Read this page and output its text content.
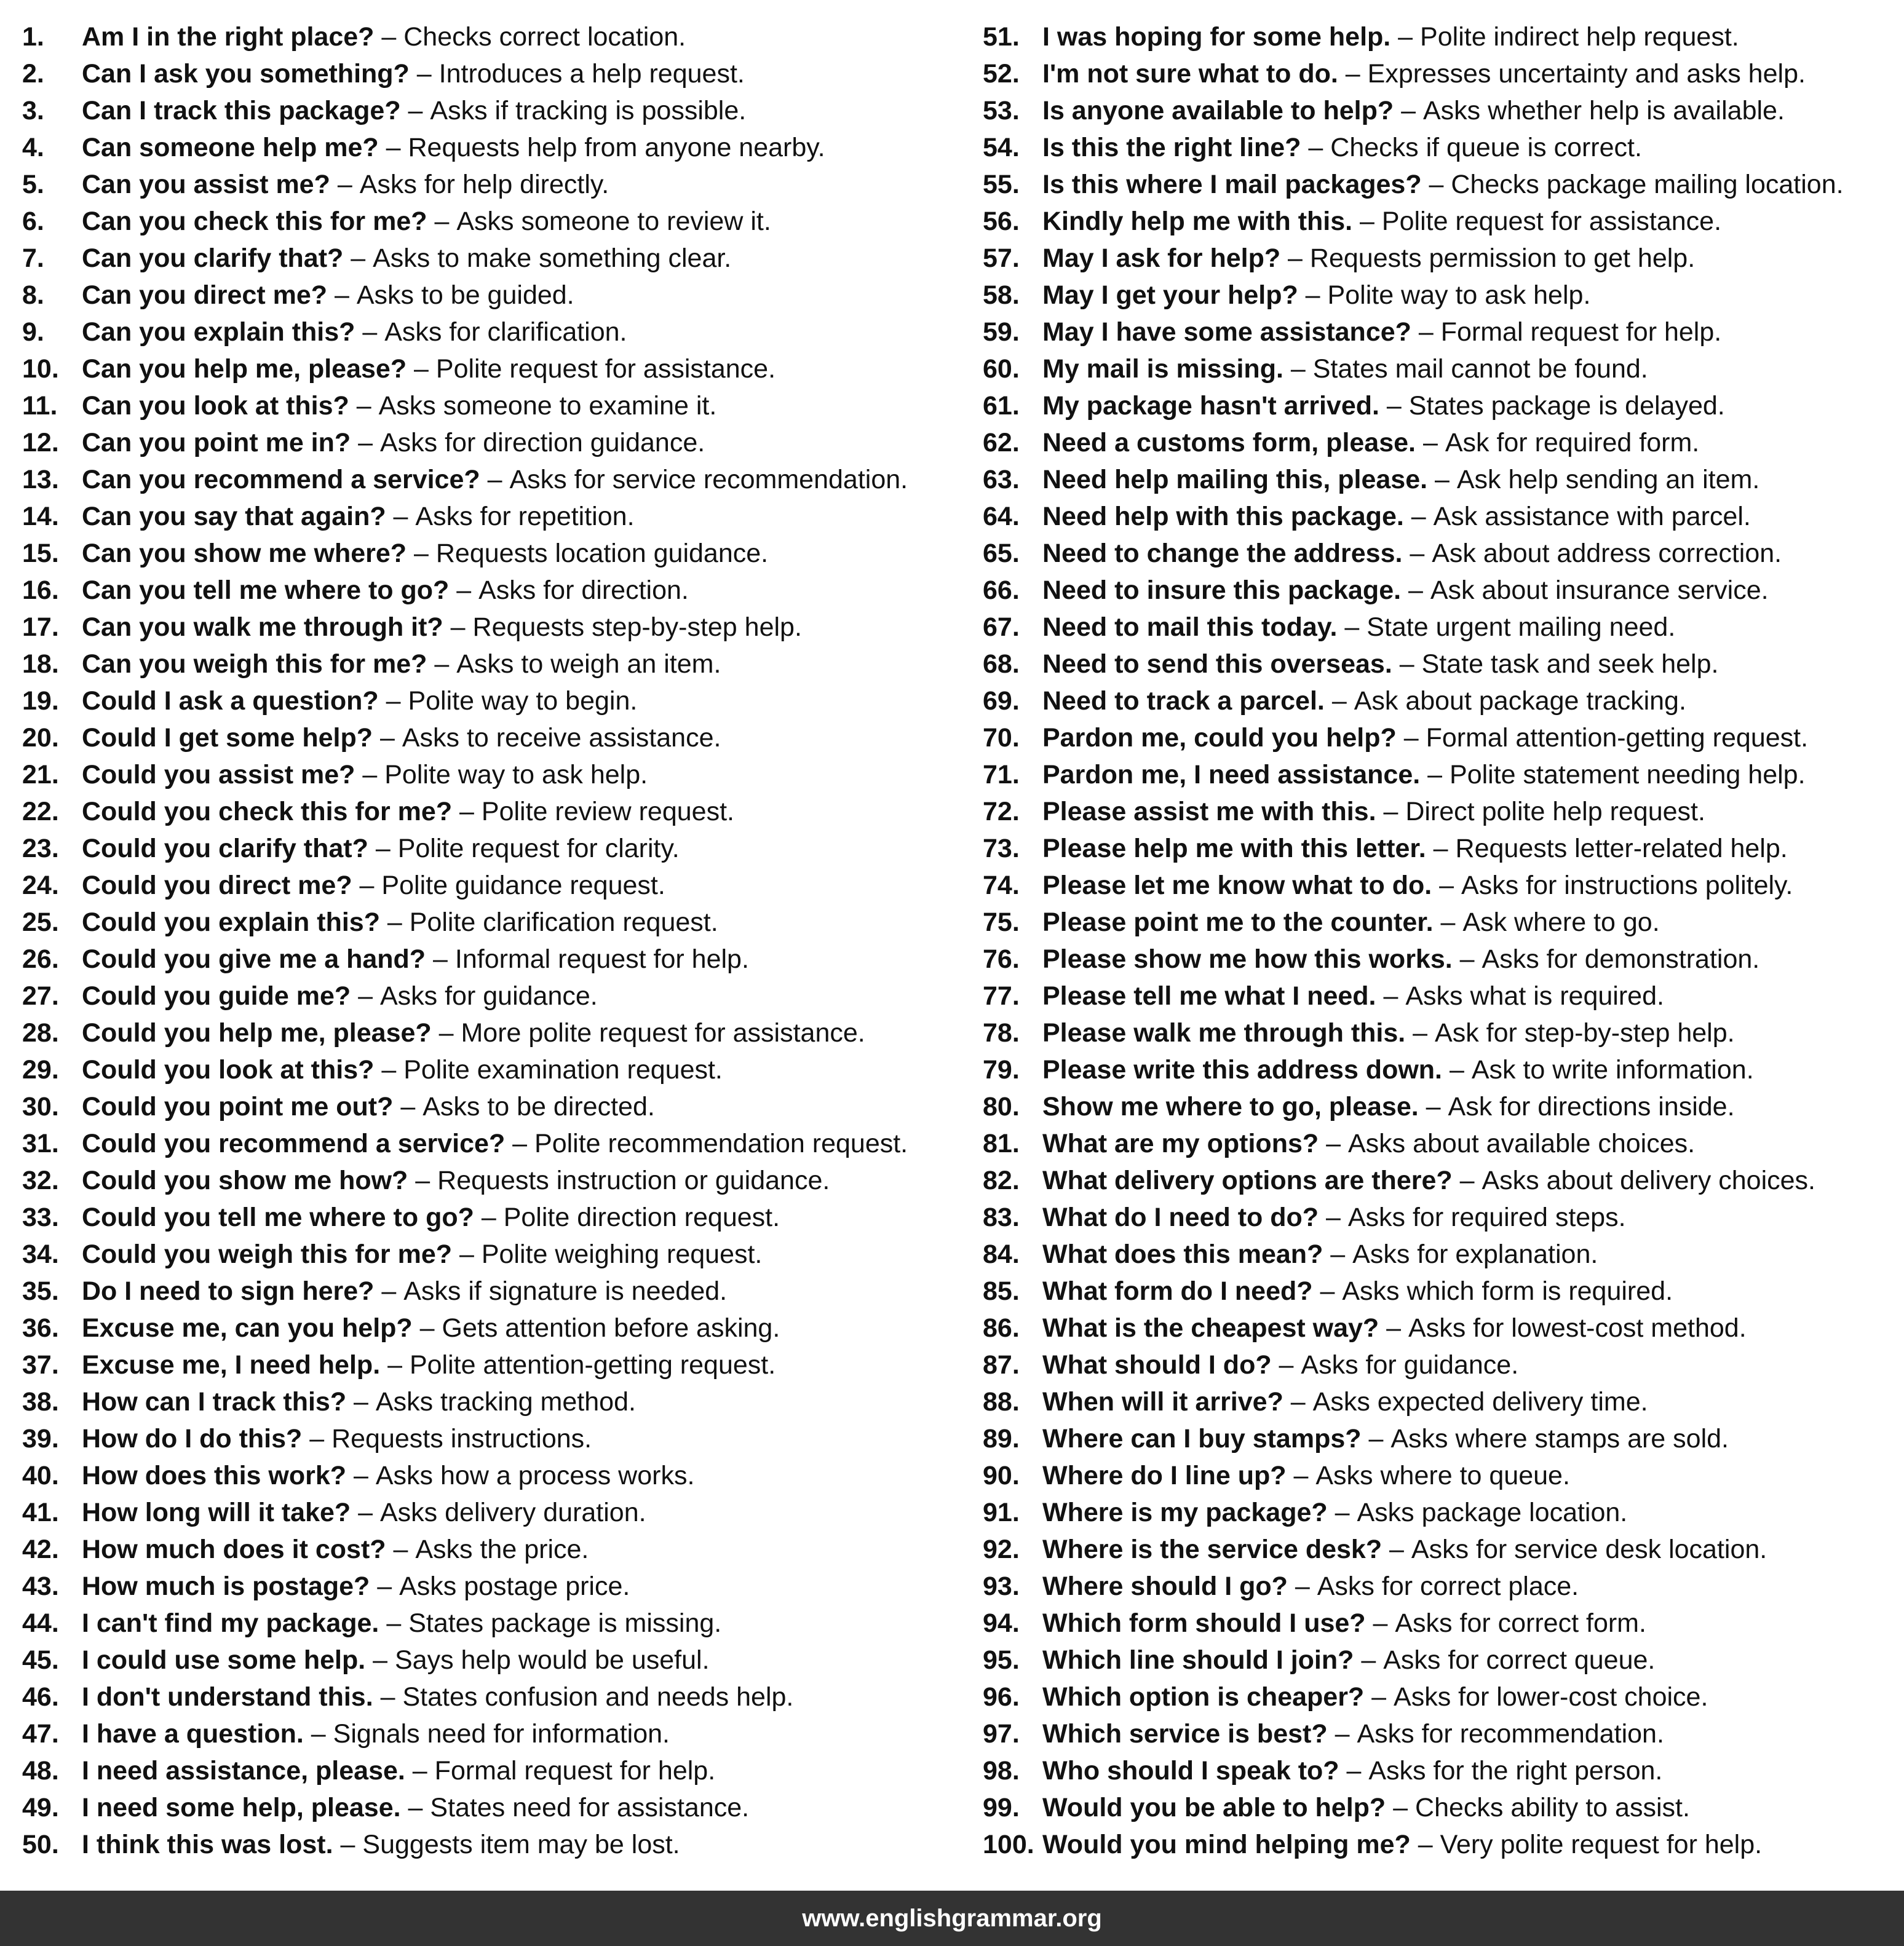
1.	Am I in the right place? – Checks correct location.
2.	Can I ask you something? – Introduces a help request.
3.	Can I track this package? – Asks if tracking is possible.
4.	Can someone help me? – Requests help from anyone nearby.
5.	Can you assist me? – Asks for help directly.
6.	Can you check this for me? – Asks someone to review it.
7.	Can you clarify that? – Asks to make something clear.
8.	Can you direct me? – Asks to be guided.
9.	Can you explain this? – Asks for clarification.
10. Can you help me, please? – Polite request for assistance.
11. Can you look at this? – Asks someone to examine it.
12. Can you point me in? – Asks for direction guidance.
13. Can you recommend a service? – Asks for service recommendation.
14. Can you say that again? – Asks for repetition.
15. Can you show me where? – Requests location guidance.
16. Can you tell me where to go? – Asks for direction.
17. Can you walk me through it? – Requests step-by-step help.
18. Can you weigh this for me? – Asks to weigh an item.
19. Could I ask a question? – Polite way to begin.
20. Could I get some help? – Asks to receive assistance.
21. Could you assist me? – Polite way to ask help.
22. Could you check this for me? – Polite review request.
23. Could you clarify that? – Polite request for clarity.
24. Could you direct me? – Polite guidance request.
25. Could you explain this? – Polite clarification request.
26. Could you give me a hand? – Informal request for help.
27. Could you guide me? – Asks for guidance.
28. Could you help me, please? – More polite request for assistance.
29. Could you look at this? – Polite examination request.
30. Could you point me out? – Asks to be directed.
31. Could you recommend a service? – Polite recommendation request.
32. Could you show me how? – Requests instruction or guidance.
33. Could you tell me where to go? – Polite direction request.
34. Could you weigh this for me? – Polite weighing request.
35. Do I need to sign here? – Asks if signature is needed.
36. Excuse me, can you help? – Gets attention before asking.
37. Excuse me, I need help. – Polite attention-getting request.
38. How can I track this? – Asks tracking method.
39. How do I do this? – Requests instructions.
40. How does this work? – Asks how a process works.
41. How long will it take? – Asks delivery duration.
42. How much does it cost? – Asks the price.
43. How much is postage? – Asks postage price.
44. I can't find my package. – States package is missing.
45. I could use some help. – Says help would be useful.
46. I don't understand this. – States confusion and needs help.
47. I have a question. – Signals need for information.
48. I need assistance, please. – Formal request for help.
49. I need some help, please. – States need for assistance.
50. I think this was lost. – Suggests item may be lost.
51. I was hoping for some help. – Polite indirect help request.
52. I'm not sure what to do. – Expresses uncertainty and asks help.
53. Is anyone available to help? – Asks whether help is available.
54. Is this the right line? – Checks if queue is correct.
55. Is this where I mail packages? – Checks package mailing location.
56. Kindly help me with this. – Polite request for assistance.
57. May I ask for help? – Requests permission to get help.
58. May I get your help? – Polite way to ask help.
59. May I have some assistance? – Formal request for help.
60. My mail is missing. – States mail cannot be found.
61. My package hasn't arrived. – States package is delayed.
62. Need a customs form, please. – Ask for required form.
63. Need help mailing this, please. – Ask help sending an item.
64. Need help with this package. – Ask assistance with parcel.
65. Need to change the address. – Ask about address correction.
66. Need to insure this package. – Ask about insurance service.
67. Need to mail this today. – State urgent mailing need.
68. Need to send this overseas. – State task and seek help.
69. Need to track a parcel. – Ask about package tracking.
70. Pardon me, could you help? – Formal attention-getting request.
71. Pardon me, I need assistance. – Polite statement needing help.
72. Please assist me with this. – Direct polite help request.
73. Please help me with this letter. – Requests letter-related help.
74. Please let me know what to do. – Asks for instructions politely.
75. Please point me to the counter. – Ask where to go.
76. Please show me how this works. – Asks for demonstration.
77. Please tell me what I need. – Asks what is required.
78. Please walk me through this. – Ask for step-by-step help.
79. Please write this address down. – Ask to write information.
80. Show me where to go, please. – Ask for directions inside.
81. What are my options? – Asks about available choices.
82. What delivery options are there? – Asks about delivery choices.
83. What do I need to do? – Asks for required steps.
84. What does this mean? – Asks for explanation.
85. What form do I need? – Asks which form is required.
86. What is the cheapest way? – Asks for lowest-cost method.
87. What should I do? – Asks for guidance.
88. When will it arrive? – Asks expected delivery time.
89. Where can I buy stamps? – Asks where stamps are sold.
90. Where do I line up? – Asks where to queue.
91. Where is my package? – Asks package location.
92. Where is the service desk? – Asks for service desk location.
93. Where should I go? – Asks for correct place.
94. Which form should I use? – Asks for correct form.
95. Which line should I join? – Asks for correct queue.
96. Which option is cheaper? – Asks for lower-cost choice.
97. Which service is best? – Asks for recommendation.
98. Who should I speak to? – Asks for the right person.
99. Would you be able to help? – Checks ability to assist.
100. Would you mind helping me? – Very polite request for help.
www.englishgrammar.org
